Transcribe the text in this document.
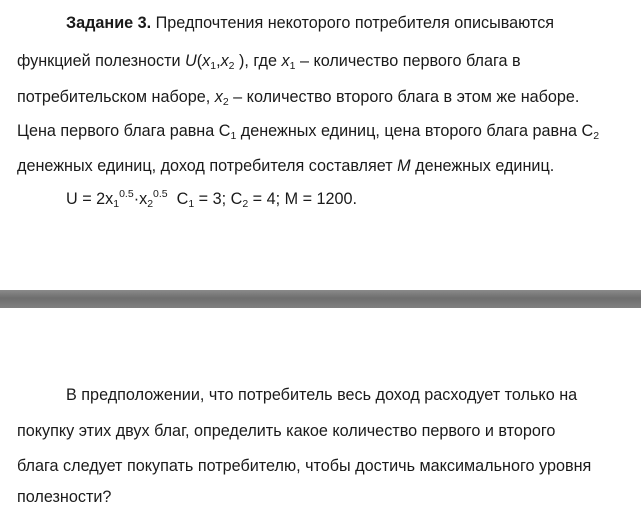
Задание 3. Предпочтения некоторого потребителя описываются
функцией полезности $U(x_1,x_2$ ), где $x_1$ – количество первого блага в
потребительском наборе, $x_2$ – количество второго блага в этом же наборе.
Цена первого блага равна $С_1$ денежных единиц, цена второго блага равна $С_2$
денежных единиц, доход потребителя составляет М денежных единиц.
$U = 2x_1^{0.5}\cdot x_2^{0.5}$  $C_1 = 3$; $C_2 = 4$; M = 1200.
В предположении, что потребитель весь доход расходует только на
покупку этих двух благ, определить какое количество первого и второго
блага следует покупать потребителю, чтобы достичь максимального уровня
полезности?
